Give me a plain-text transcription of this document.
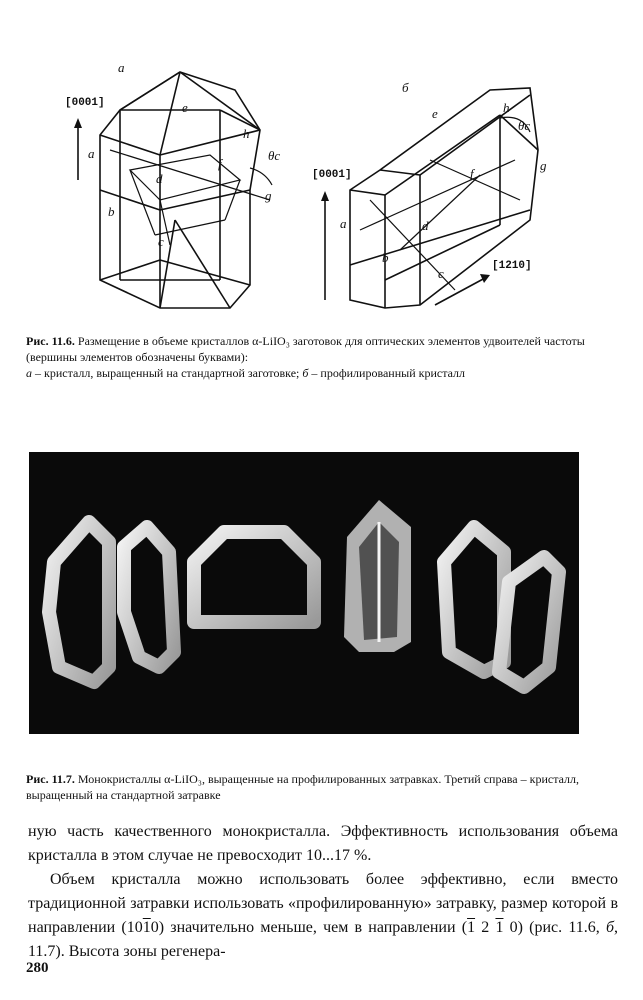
[0001]
а
e
h
a
f
d
g
b
c
θc
[0001]
[1210]
б
e	h
f
a	d
g
b
c
θc
Рис. 11.6. Размещение в объеме кристаллов α-LiIO₃ заготовок для оптических элементов удвоителей частоты (вершины элементов обозначены буквами):
а – кристалл, выращенный на стандартной заготовке; б – профилированный кристалл
Рис. 11.7. Монокристаллы α-LiIO₃, выращенные на профилированных затравках. Третий справа – кристалл, выращенный на стандартной затравке

ную часть качественного монокристалла. Эффективность использования объема кристалла в этом случае не превосходит 10...17 %.

Объем кристалла можно использовать более эффективно, если вместо традиционной затравки использовать «профилированную» затравку, размер которой в направлении (1010) значительно меньше, чем в направлении (1 2 1 0) (рис. 11.6, б, 11.7). Высота зоны регенера-

280
